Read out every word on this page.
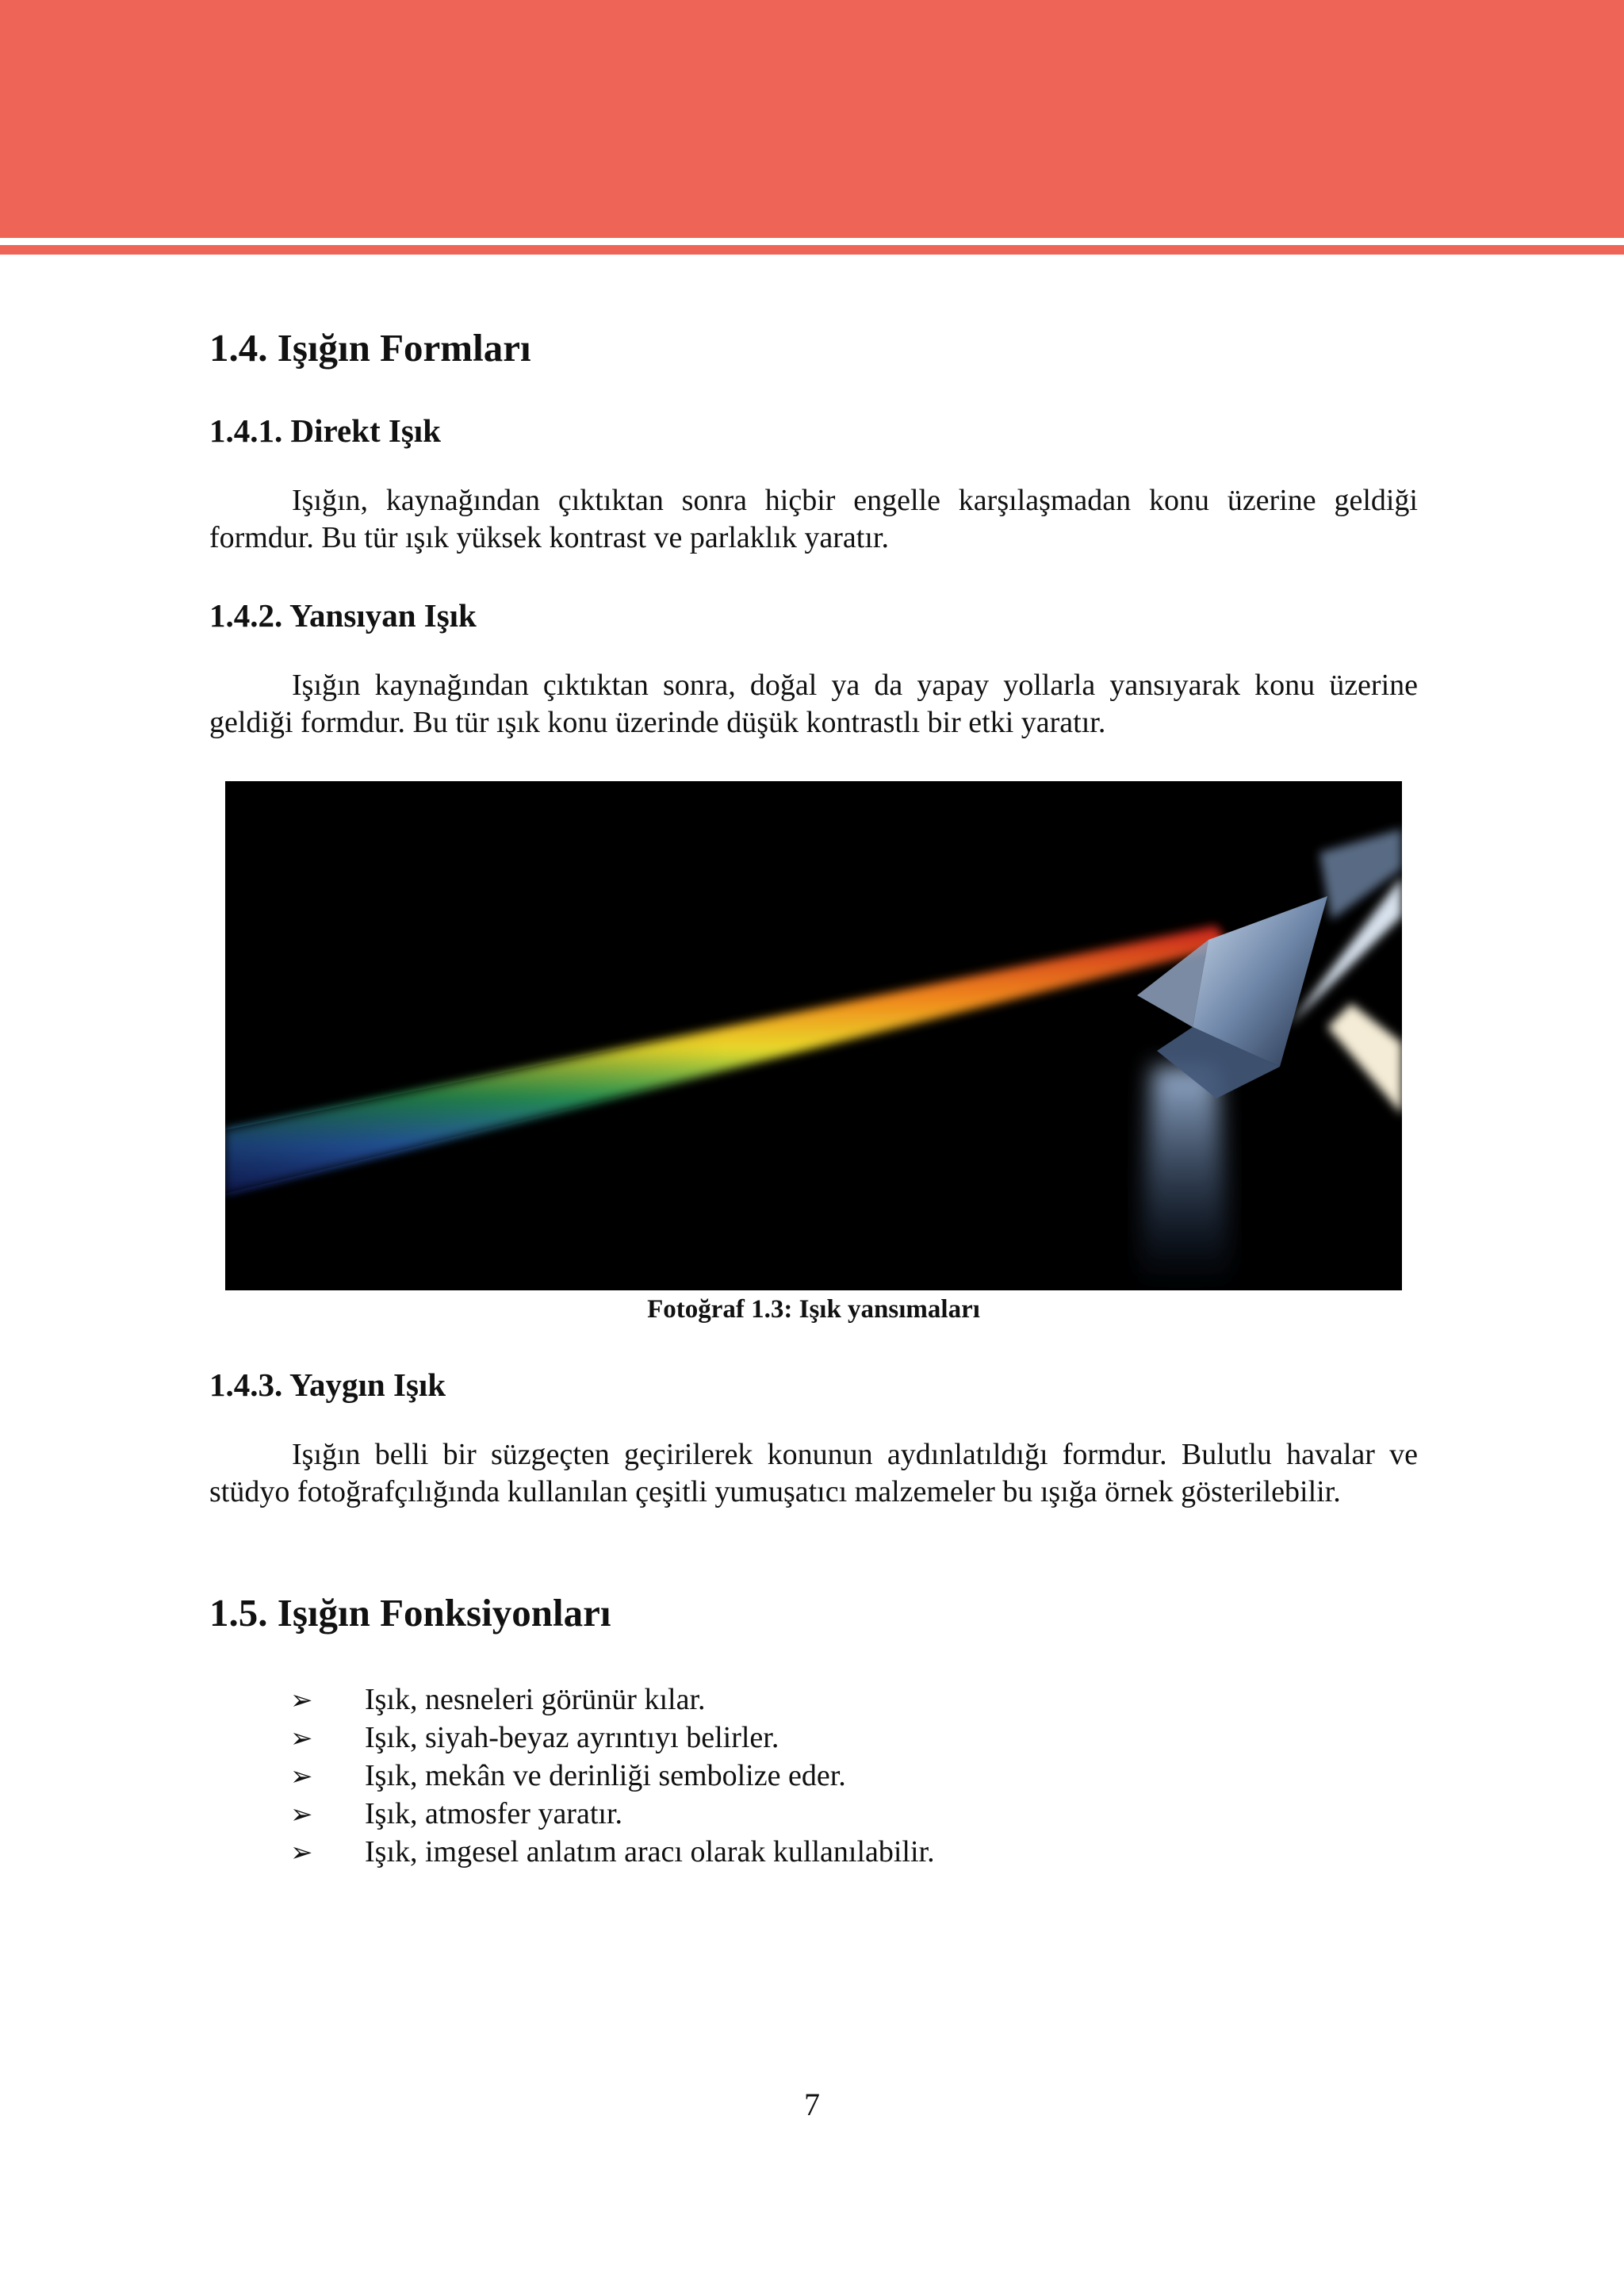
1.4. Işığın Formları
1.4.1. Direkt Işık

Işığın, kaynağından çıktıktan sonra hiçbir engelle karşılaşmadan konu üzerine geldiği formdur. Bu tür ışık yüksek kontrast ve parlaklık yaratır.

1.4.2. Yansıyan Işık

Işığın kaynağından çıktıktan sonra, doğal ya da yapay yollarla yansıyarak konu üzerine geldiği formdur. Bu tür ışık konu üzerinde düşük kontrastlı bir etki yaratır.

Fotoğraf 1.3: Işık yansımaları
1.4.3. Yaygın Işık

Işığın belli bir süzgeçten geçirilerek konunun aydınlatıldığı formdur. Bulutlu havalar ve stüdyo fotoğrafçılığında kullanılan çeşitli yumuşatıcı malzemeler bu ışığa örnek gösterilebilir.

1.5. Işığın Fonksiyonları
➢	Işık, nesneleri görünür kılar.
➢	Işık, siyah-beyaz ayrıntıyı belirler.
➢	Işık, mekân ve derinliği sembolize eder.
➢	Işık, atmosfer yaratır.
➢	Işık, imgesel anlatım aracı olarak kullanılabilir.
7
